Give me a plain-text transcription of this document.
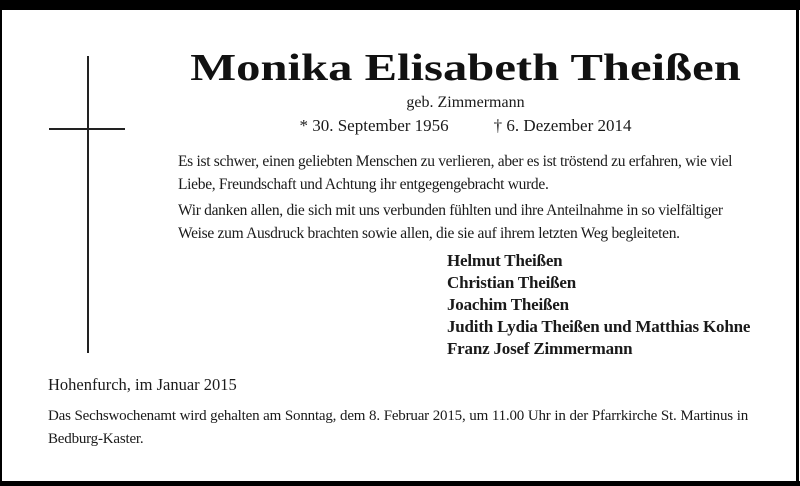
Monika Elisabeth Theißen
geb. Zimmermann
* 30. September 1956	† 6. Dezember 2014

Es ist schwer, einen geliebten Menschen zu verlieren, aber es ist tröstend zu erfahren, wie viel Liebe, Freundschaft und Achtung ihr entgegengebracht wurde.

Wir danken allen, die sich mit uns verbunden fühlten und ihre Anteilnahme in so vielfältiger Weise zum Ausdruck brachten sowie allen, die sie auf ihrem letzten Weg begleiteten.

Helmut Theißen
Christian Theißen
Joachim Theißen
Judith Lydia Theißen und Matthias Kohne
Franz Josef Zimmermann
Hohenfurch, im Januar 2015
Das Sechswochenamt wird gehalten am Sonntag, dem 8. Februar 2015, um 11.00 Uhr in der Pfarrkirche St. Martinus in Bedburg-Kaster.
